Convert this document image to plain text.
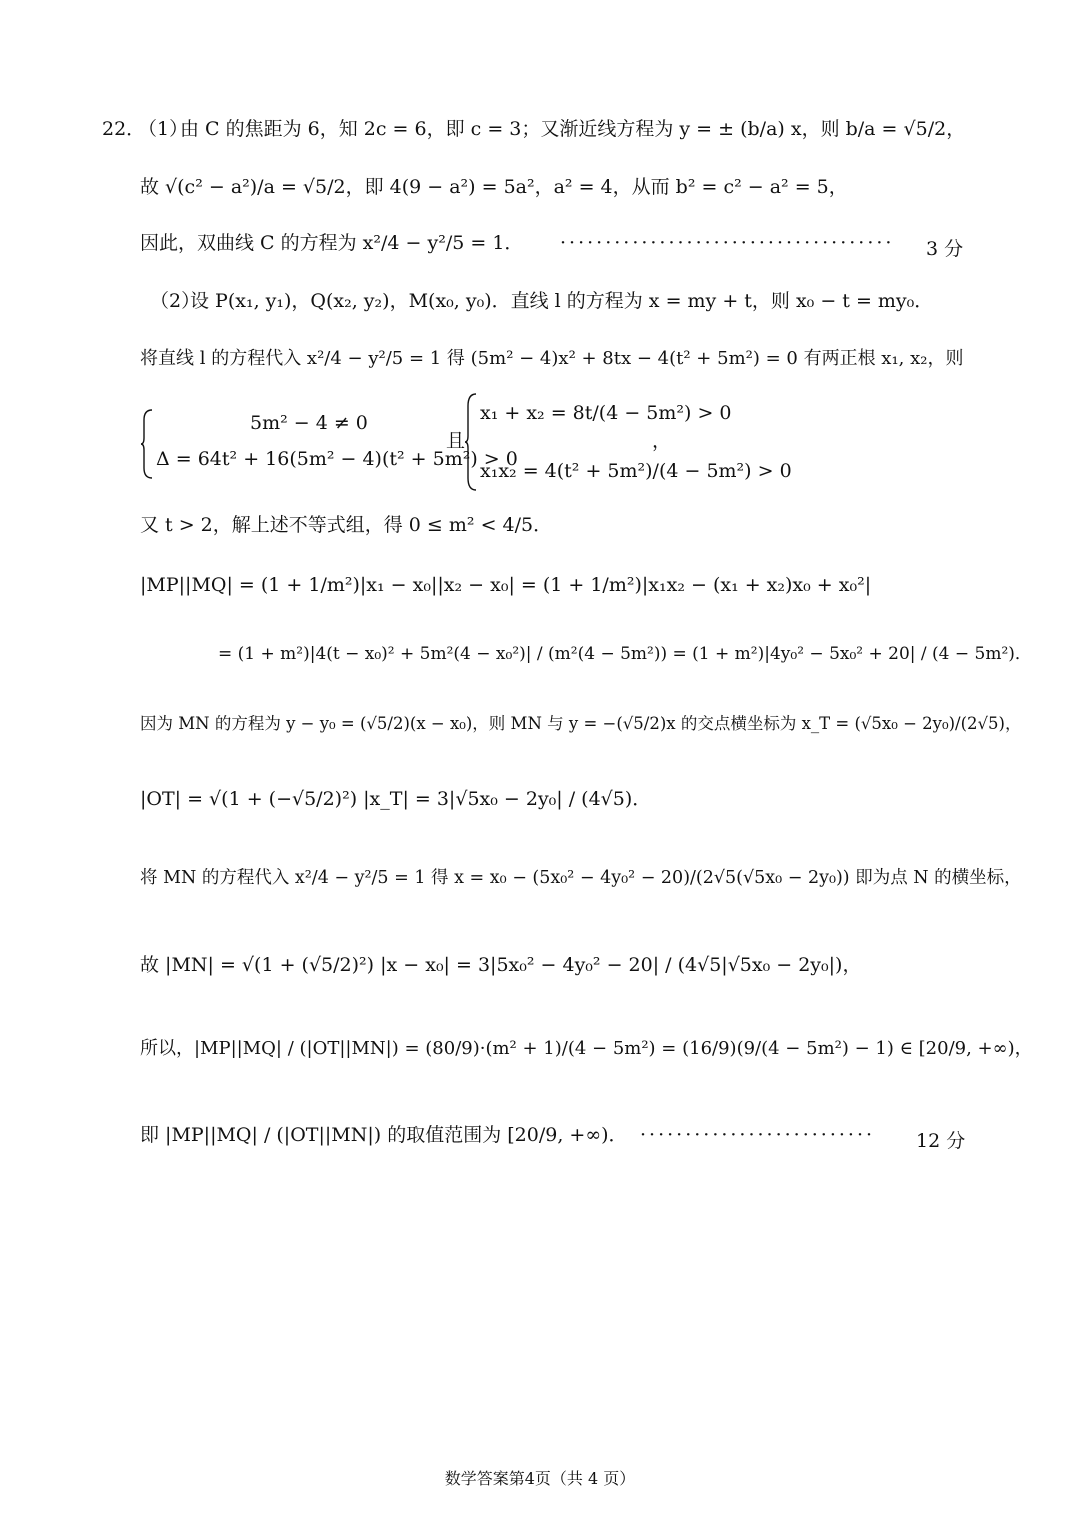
22．
（1）
由 C 的焦距为 6，知 2c = 6，即 c = 3；又渐近线方程为 y = ± (b/a) x，则 b/a = √5/2，
故 √(c² − a²)/a = √5/2，即 4(9 − a²) = 5a²，a² = 4，从而 b² = c² − a² = 5，
因此，双曲线 C 的方程为 x²/4 − y²/5 = 1． ····································· 3 分
（2）
设 P(x₁, y₁)，Q(x₂, y₂)，M(x₀, y₀)．直线 l 的方程为 x = my + t，则 x₀ − t = my₀．
将直线 l 的方程代入 x²/4 − y²/5 = 1 得 (5m² − 4)x² + 8tx − 4(t² + 5m²) = 0 有两正根 x₁, x₂，则
5m² − 4 ≠ 0
Δ = 64t² + 16(5m² − 4)(t² + 5m²) > 0
且
x₁ + x₂ = 8t/(4 − 5m²) > 0
x₁x₂ = 4(t² + 5m²)/(4 − 5m²) > 0
，
又 t > 2，解上述不等式组，得 0 ≤ m² < 4/5．
|MP||MQ| = (1 + 1/m²)|x₁ − x₀||x₂ − x₀| = (1 + 1/m²)|x₁x₂ − (x₁ + x₂)x₀ + x₀²|
= (1 + m²)|4(t − x₀)² + 5m²(4 − x₀²)| / (m²(4 − 5m²)) = (1 + m²)|4y₀² − 5x₀² + 20| / (4 − 5m²)．
因为 MN 的方程为 y − y₀ = (√5/2)(x − x₀)，则 MN 与 y = −(√5/2)x 的交点横坐标为 x_T = (√5x₀ − 2y₀)/(2√5)，
|OT| = √(1 + (−√5/2)²) |x_T| = 3|√5x₀ − 2y₀| / (4√5)．
将 MN 的方程代入 x²/4 − y²/5 = 1 得 x = x₀ − (5x₀² − 4y₀² − 20)/(2√5(√5x₀ − 2y₀)) 即为点 N 的横坐标，
故 |MN| = √(1 + (√5/2)²) |x − x₀| = 3|5x₀² − 4y₀² − 20| / (4√5|√5x₀ − 2y₀|)，
所以，|MP||MQ| / (|OT||MN|) = (80/9)·(m² + 1)/(4 − 5m²) = (16/9)(9/(4 − 5m²) − 1) ∈ [20/9, +∞)，
即 |MP||MQ| / (|OT||MN|) 的取值范围为 [20/9, +∞)． ·························· 12 分
数学答案第4页（共 4 页）
